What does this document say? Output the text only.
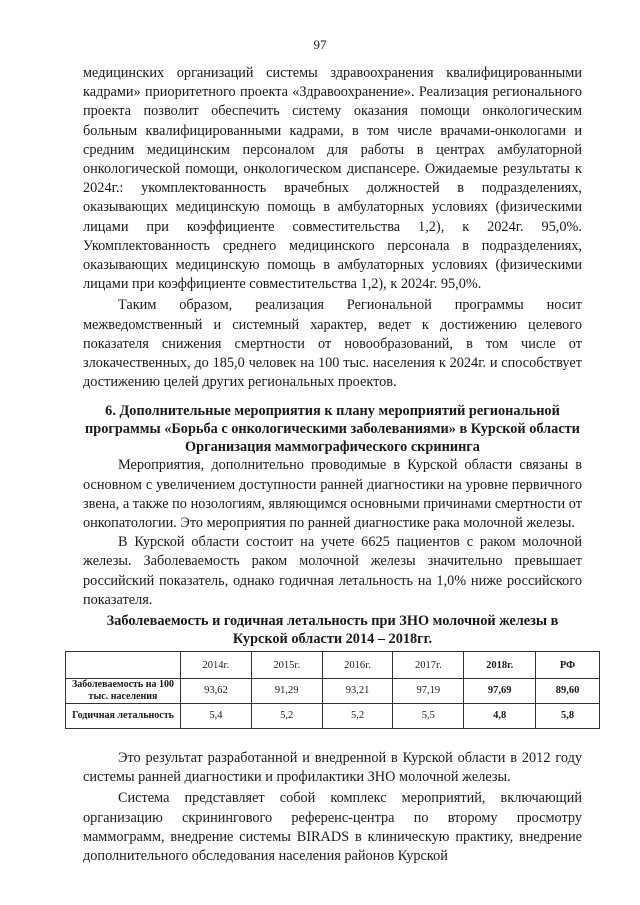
97

медицинских организаций системы здравоохранения квалифицированными кадрами» приоритетного проекта «Здравоохранение». Реализация регионального проекта позволит обеспечить систему оказания помощи онкологическим больным квалифицированными кадрами, в том числе врачами-онкологами и средним медицинским персоналом для работы в центрах амбулаторной онкологической помощи, онкологическом диспансере. Ожидаемые результаты к 2024г.: укомплектованность врачебных должностей в подразделениях, оказывающих медицинскую помощь в амбулаторных условиях (физическими лицами при коэффициенте совместительства 1,2), к 2024г. 95,0%. Укомплектованность среднего медицинского персонала в подразделениях, оказывающих медицинскую помощь в амбулаторных условиях (физическими лицами при коэффициенте совместительства 1,2), к 2024г. 95,0%.

Таким образом, реализация Региональной программы носит межведомственный и системный характер, ведет к достижению целевого показателя снижения смертности от новообразований, в том числе от злокачественных, до 185,0 человек на 100 тыс. населения к 2024г. и способствует достижению целей других региональных проектов.

6. Дополнительные мероприятия к плану мероприятий региональной программы «Борьба с онкологическими заболеваниями» в Курской области
Организация маммографического скрининга

Мероприятия, дополнительно проводимые в Курской области связаны в основном с увеличением доступности ранней диагностики на уровне первичного звена, а также по нозологиям, являющимся основными причинами смертности от онкопатологии. Это мероприятия по ранней диагностике рака молочной железы.

В Курской области состоит на учете 6625 пациентов с раком молочной железы. Заболеваемость раком молочной железы значительно превышает российский показатель, однако годичная летальность на 1,0% ниже российского показателя.

Заболеваемость и годичная летальность при ЗНО молочной железы в Курской области 2014 – 2018гг.
	2014г.	2015г.	2016г.	2017г.	2018г.	РФ
Заболеваемость на 100 тыс. населения	93,62	91,29	93,21	97,19	97,69	89,60
Годичная летальность	5,4	5,2	5,2	5,5	4,8	5,8

Это результат разработанной и внедренной в Курской области в 2012 году системы ранней диагностики и профилактики ЗНО молочной железы.

Система представляет собой комплекс мероприятий, включающий организацию скринингового референс-центра по второму просмотру маммограмм, внедрение системы BIRADS в клиническую практику, внедрение дополнительного обследования населения районов Курской
